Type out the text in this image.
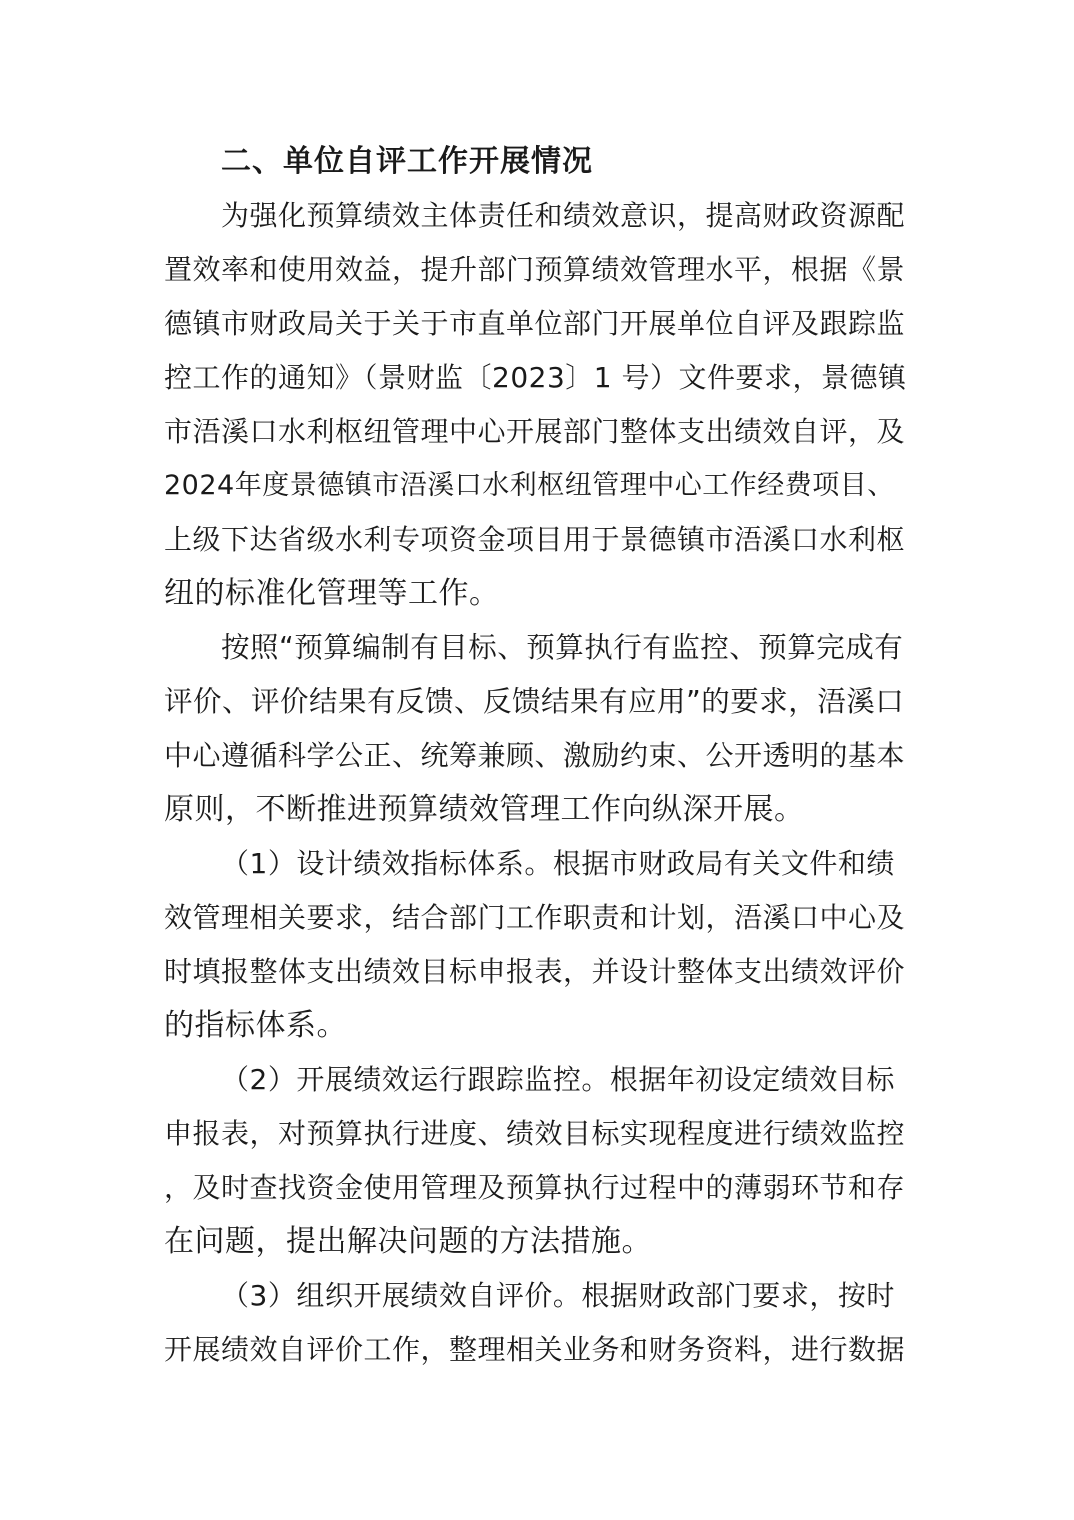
二、单位自评工作开展情况
为强化预算绩效主体责任和绩效意识，提高财政资源配
置效率和使用效益，提升部门预算绩效管理水平，根据《景
德镇市财政局关于关于市直单位部门开展单位自评及跟踪监
控工作的通知》（景财监〔2023〕1 号）文件要求，景德镇
市浯溪口水利枢纽管理中心开展部门整体支出绩效自评，及
2024年度景德镇市浯溪口水利枢纽管理中心工作经费项目、
上级下达省级水利专项资金项目用于景德镇市浯溪口水利枢
纽的标准化管理等工作。
按照“预算编制有目标、预算执行有监控、预算完成有
评价、评价结果有反馈、反馈结果有应用”的要求，浯溪口
中心遵循科学公正、统筹兼顾、激励约束、公开透明的基本
原则，不断推进预算绩效管理工作向纵深开展。
（1）设计绩效指标体系。根据市财政局有关文件和绩
效管理相关要求，结合部门工作职责和计划，浯溪口中心及
时填报整体支出绩效目标申报表，并设计整体支出绩效评价
的指标体系。
（2）开展绩效运行跟踪监控。根据年初设定绩效目标
申报表，对预算执行进度、绩效目标实现程度进行绩效监控
，及时查找资金使用管理及预算执行过程中的薄弱环节和存
在问题，提出解决问题的方法措施。
（3）组织开展绩效自评价。根据财政部门要求，按时
开展绩效自评价工作，整理相关业务和财务资料，进行数据
